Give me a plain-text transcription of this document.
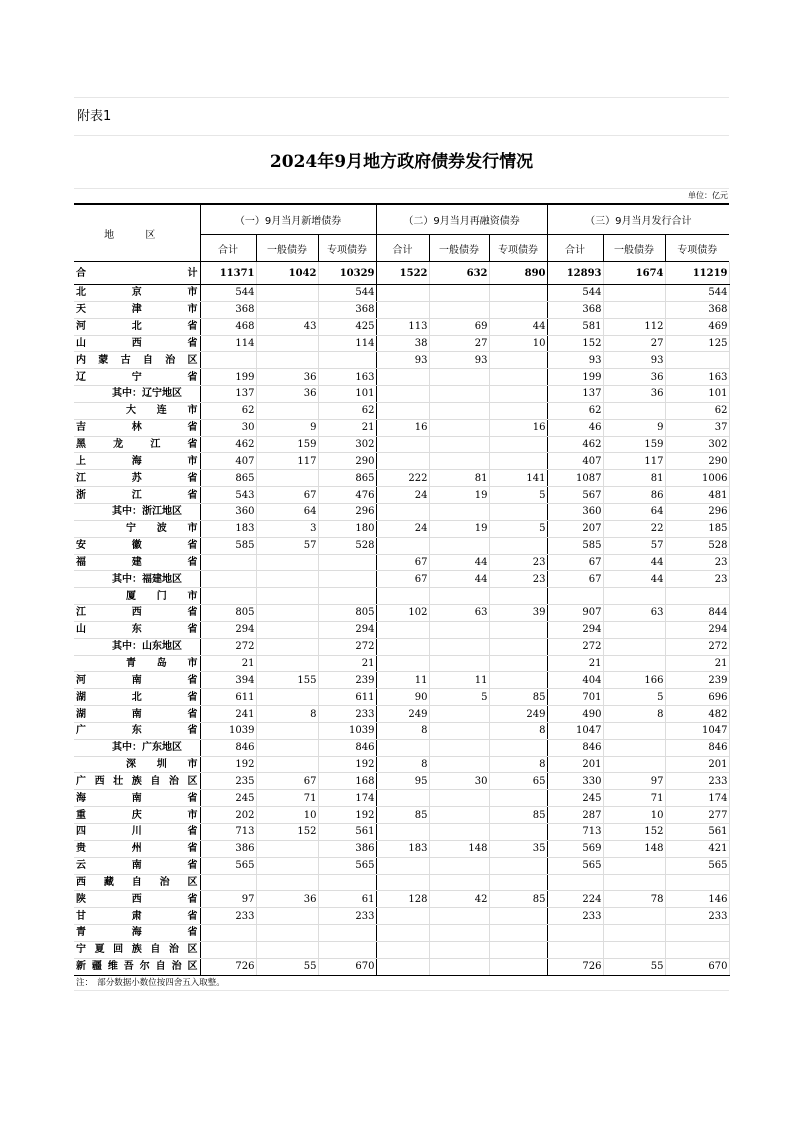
附表1
2024年9月地方政府债券发行情况
单位：亿元
地 区	（一）9月当月新增债券			（二）9月当月再融资债券			（三）9月当月发行合计		
	合计	一般债券	专项债券	合计	一般债券	专项债券	合计	一般债券	专项债券
合计	11371	1042	10329	1522	632	890	12893	1674	11219
北京市	544		544				544		544
天津市	368		368				368		368
河北省	468	43	425	113	69	44	581	112	469
山西省	114		114	38	27	10	152	27	125
内蒙古自治区				93	93		93	93	
辽宁省	199	36	163				199	36	163
其中：辽宁地区	137	36	101				137	36	101
大连市	62		62				62		62
吉林省	30	9	21	16		16	46	9	37
黑龙江省	462	159	302				462	159	302
上海市	407	117	290				407	117	290
江苏省	865		865	222	81	141	1087	81	1006
浙江省	543	67	476	24	19	5	567	86	481
其中：浙江地区	360	64	296				360	64	296
宁波市	183	3	180	24	19	5	207	22	185
安徽省	585	57	528				585	57	528
福建省				67	44	23	67	44	23
其中：福建地区				67	44	23	67	44	23
厦门市									
江西省	805		805	102	63	39	907	63	844
山东省	294		294				294		294
其中：山东地区	272		272				272		272
青岛市	21		21				21		21
河南省	394	155	239	11	11		404	166	239
湖北省	611		611	90	5	85	701	5	696
湖南省	241	8	233	249		249	490	8	482
广东省	1039		1039	8		8	1047		1047
其中：广东地区	846		846				846		846
深圳市	192		192	8		8	201		201
广西壮族自治区	235	67	168	95	30	65	330	97	233
海南省	245	71	174				245	71	174
重庆市	202	10	192	85		85	287	10	277
四川省	713	152	561				713	152	561
贵州省	386		386	183	148	35	569	148	421
云南省	565		565				565		565
西藏自治区									
陕西省	97	36	61	128	42	85	224	78	146
甘肃省	233		233				233		233
青海省									
宁夏回族自治区									
新疆维吾尔自治区	726	55	670				726	55	670
注：　部分数据小数位按四舍五入取整。
